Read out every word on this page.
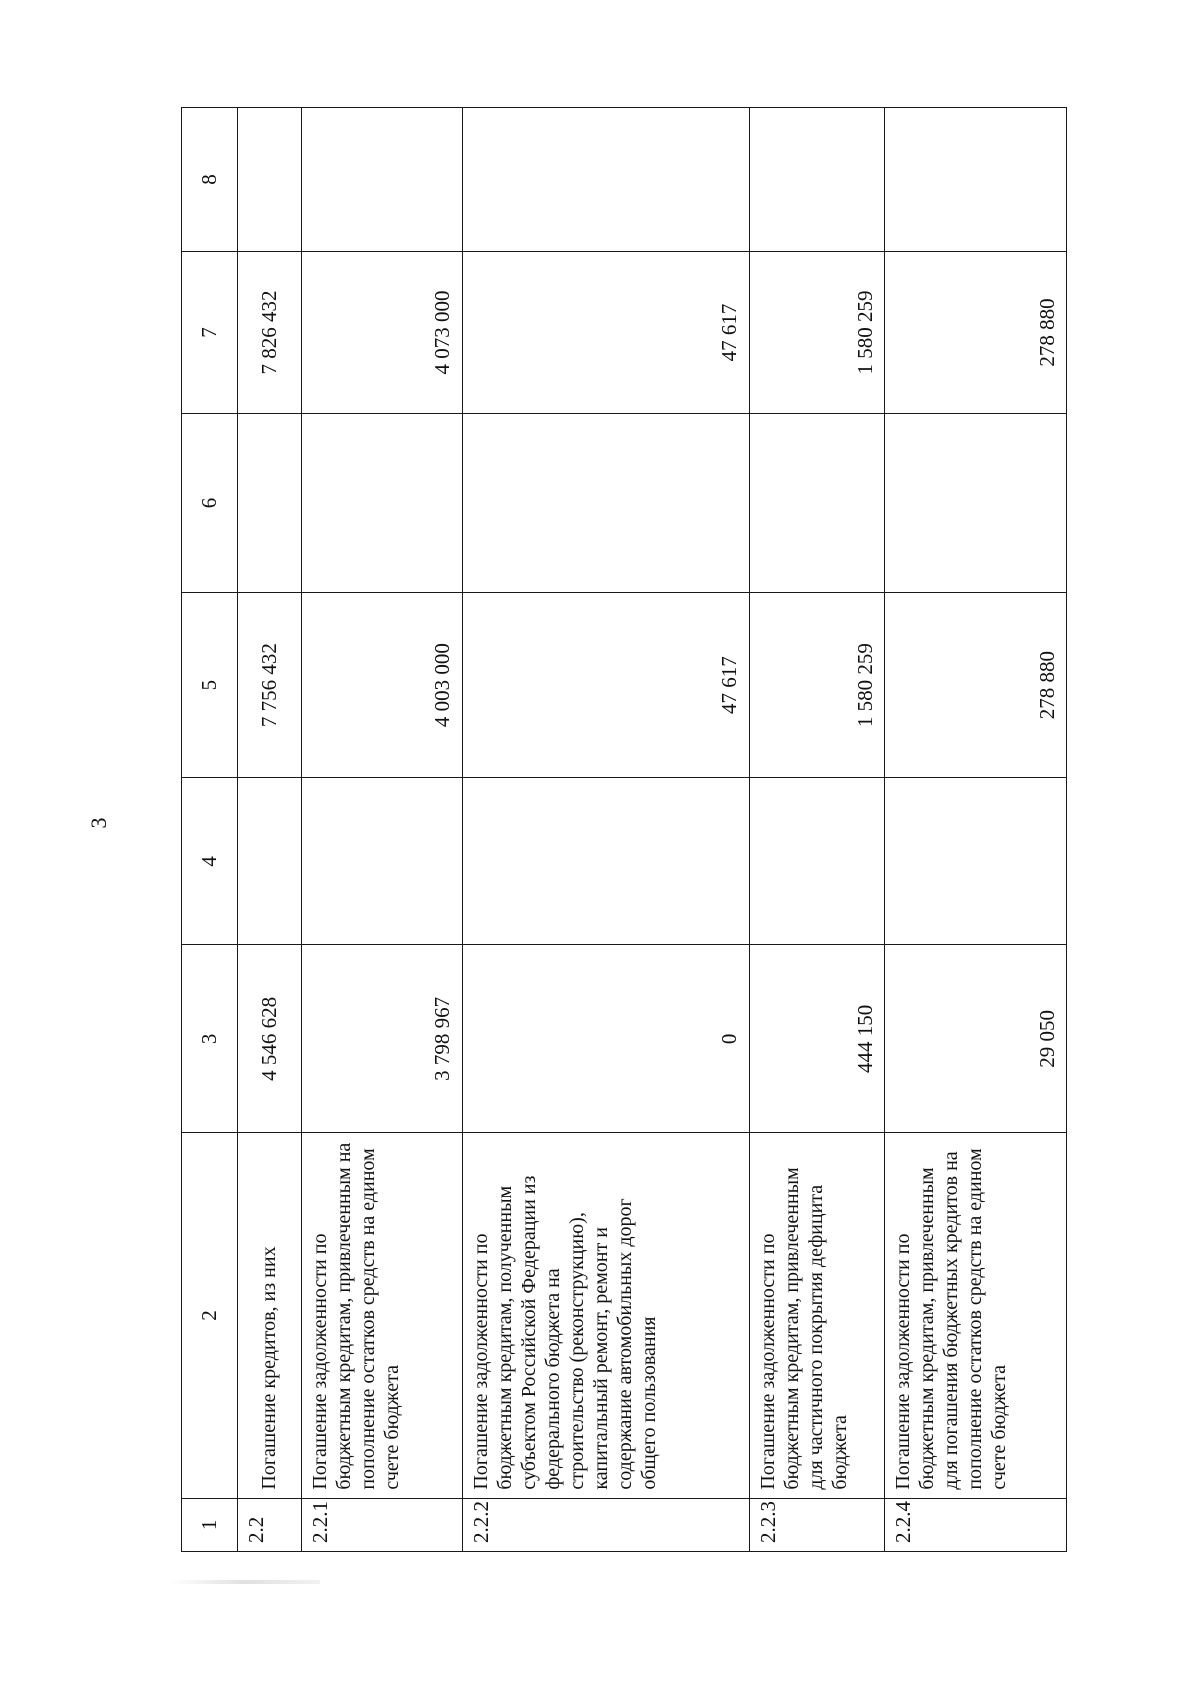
3
1	2	3	4	5	6	7	8
2.2	Погашение кредитов, из них	4 546 628		7 756 432		7 826 432	
2.2.1	Погашение задолженности по бюджетным кредитам, привлеченным на пополнение остатков средств на едином счете бюджета	3 798 967		4 003 000		4 073 000	
2.2.2	Погашение задолженности по бюджетным кредитам, полученным субъектом Российской Федерации из федерального бюджета на строительство (реконструкцию), капитальный ремонт, ремонт и содержание автомобильных дорог общего пользования	0		47 617		47 617	
2.2.3	Погашение задолженности по бюджетным кредитам, привлеченным для частичного покрытия дефицита бюджета	444 150		1 580 259		1 580 259	
2.2.4	Погашение задолженности по бюджетным кредитам, привлеченным для погашения бюджетных кредитов на пополнение остатков средств на едином счете бюджета	29 050		278 880		278 880	
